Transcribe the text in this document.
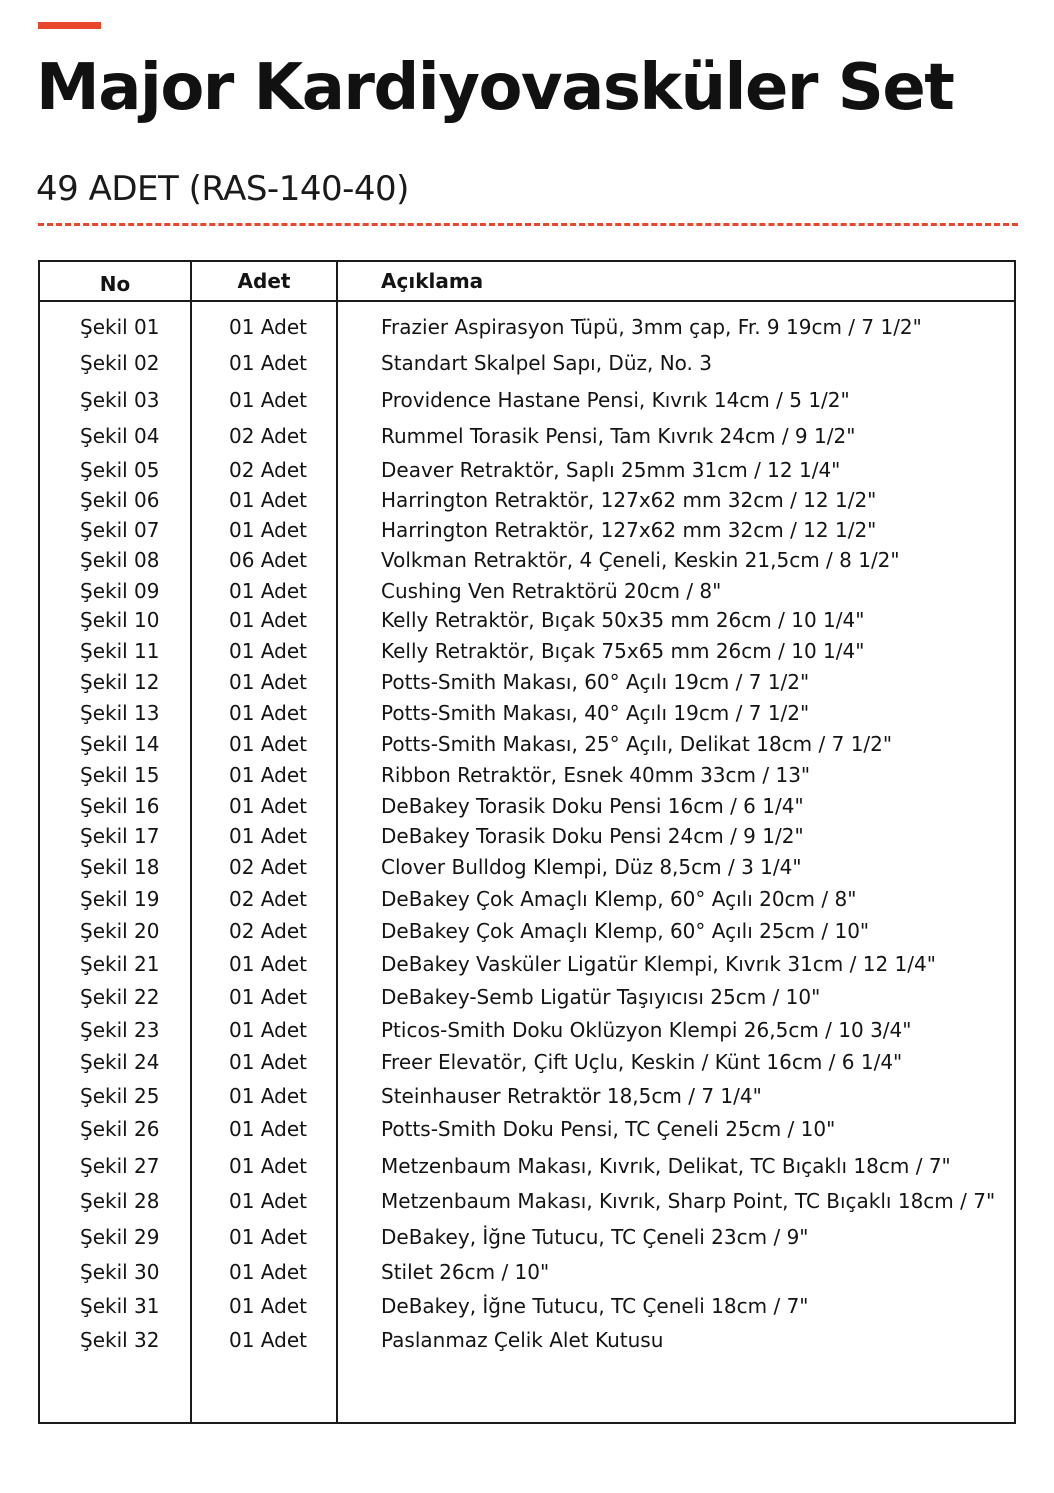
Major Kardiyovasküler Set
49 ADET (RAS-140-40)
No	Adet	Açıklama
Şekil 01	01 Adet	Frazier Aspirasyon Tüpü, 3mm çap, Fr. 9 19cm / 7 1/2"
Şekil 02	01 Adet	Standart Skalpel Sapı, Düz, No. 3
Şekil 03	01 Adet	Providence Hastane Pensi, Kıvrık 14cm / 5 1/2"
Şekil 04	02 Adet	Rummel Torasik Pensi, Tam Kıvrık 24cm / 9 1/2"
Şekil 05	02 Adet	Deaver Retraktör, Saplı 25mm 31cm / 12 1/4"
Şekil 06	01 Adet	Harrington Retraktör, 127x62 mm 32cm / 12 1/2"
Şekil 07	01 Adet	Harrington Retraktör, 127x62 mm 32cm / 12 1/2"
Şekil 08	06 Adet	Volkman Retraktör, 4 Çeneli, Keskin 21,5cm / 8 1/2"
Şekil 09	01 Adet	Cushing Ven Retraktörü 20cm / 8"
Şekil 10	01 Adet	Kelly Retraktör, Bıçak 50x35 mm 26cm / 10 1/4"
Şekil 11	01 Adet	Kelly Retraktör, Bıçak 75x65 mm 26cm / 10 1/4"
Şekil 12	01 Adet	Potts-Smith Makası, 60° Açılı 19cm / 7 1/2"
Şekil 13	01 Adet	Potts-Smith Makası, 40° Açılı 19cm / 7 1/2"
Şekil 14	01 Adet	Potts-Smith Makası, 25° Açılı, Delikat 18cm / 7 1/2"
Şekil 15	01 Adet	Ribbon Retraktör, Esnek 40mm 33cm / 13"
Şekil 16	01 Adet	DeBakey Torasik Doku Pensi 16cm / 6 1/4"
Şekil 17	01 Adet	DeBakey Torasik Doku Pensi 24cm / 9 1/2"
Şekil 18	02 Adet	Clover Bulldog Klempi, Düz 8,5cm / 3 1/4"
Şekil 19	02 Adet	DeBakey Çok Amaçlı Klemp, 60° Açılı 20cm / 8"
Şekil 20	02 Adet	DeBakey Çok Amaçlı Klemp, 60° Açılı 25cm / 10"
Şekil 21	01 Adet	DeBakey Vasküler Ligatür Klempi, Kıvrık 31cm / 12 1/4"
Şekil 22	01 Adet	DeBakey-Semb Ligatür Taşıyıcısı 25cm / 10"
Şekil 23	01 Adet	Pticos-Smith Doku Oklüzyon Klempi 26,5cm / 10 3/4"
Şekil 24	01 Adet	Freer Elevatör, Çift Uçlu, Keskin / Künt 16cm / 6 1/4"
Şekil 25	01 Adet	Steinhauser Retraktör 18,5cm / 7 1/4"
Şekil 26	01 Adet	Potts-Smith Doku Pensi, TC Çeneli 25cm / 10"
Şekil 27	01 Adet	Metzenbaum Makası, Kıvrık, Delikat, TC Bıçaklı 18cm / 7"
Şekil 28	01 Adet	Metzenbaum Makası, Kıvrık, Sharp Point, TC Bıçaklı 18cm / 7"
Şekil 29	01 Adet	DeBakey, İğne Tutucu, TC Çeneli 23cm / 9"
Şekil 30	01 Adet	Stilet 26cm / 10"
Şekil 31	01 Adet	DeBakey, İğne Tutucu, TC Çeneli 18cm / 7"
Şekil 32	01 Adet	Paslanmaz Çelik Alet Kutusu
